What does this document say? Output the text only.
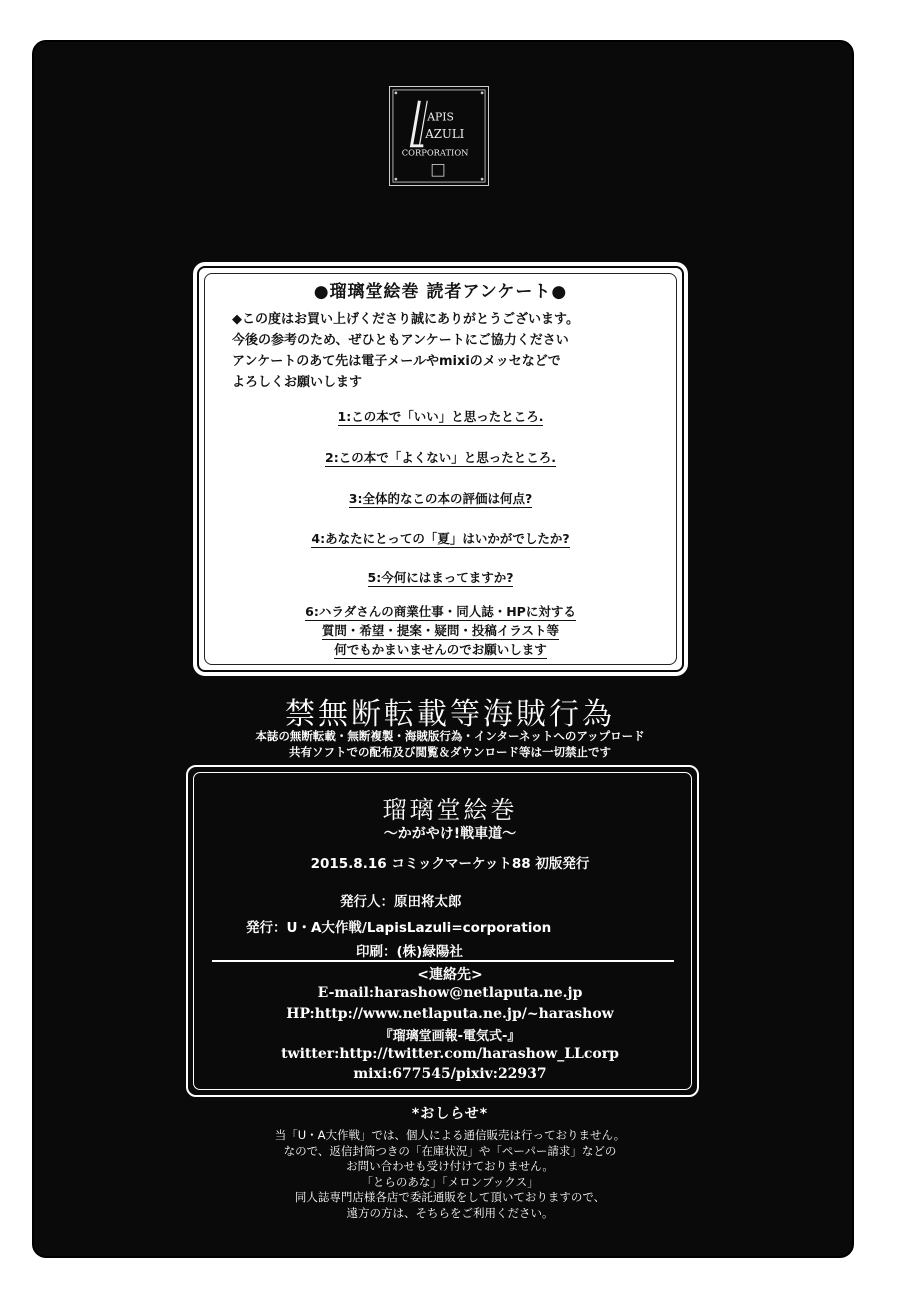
APIS
AZULI
CORPORATION
●瑠璃堂絵巻 読者アンケート●
◆この度はお買い上げくださり誠にありがとうございます。
今後の参考のため、ぜひともアンケートにご協力ください
アンケートのあて先は電子メールやmixiのメッセなどで
よろしくお願いします
1:この本で「いい」と思ったところ.
2:この本で「よくない」と思ったところ.
3:全体的なこの本の評価は何点?
4:あなたにとっての「夏」はいかがでしたか?
5:今何にはまってますか?
6:ハラダさんの商業仕事・同人誌・HPに対する
質問・希望・提案・疑問・投稿イラスト等
何でもかまいませんのでお願いします
禁無断転載等海賊行為
本誌の無断転載・無断複製・海賊版行為・インターネットへのアップロード
共有ソフトでの配布及び閲覧＆ダウンロード等は一切禁止です
瑠璃堂絵巻
〜かがやけ!戦車道〜
2015.8.16 コミックマーケット88 初版発行
発行人：原田将太郎
発行：U・A大作戦/LapisLazuli=corporation
印刷：(株)緑陽社
<連絡先>
E-mail:harashow@netlaputa.ne.jp
HP:http://www.netlaputa.ne.jp/~harashow
『瑠璃堂画報-電気式-』
twitter:http://twitter.com/harashow_LLcorp
mixi:677545/pixiv:22937
*おしらせ*
当「U・A大作戦」では、個人による通信販売は行っておりません。
なので、返信封筒つきの「在庫状況」や「ペーパー請求」などの
お問い合わせも受け付けておりません。
「とらのあな」「メロンブックス」
同人誌専門店様各店で委託通販をして頂いておりますので、
遠方の方は、そちらをご利用ください。
